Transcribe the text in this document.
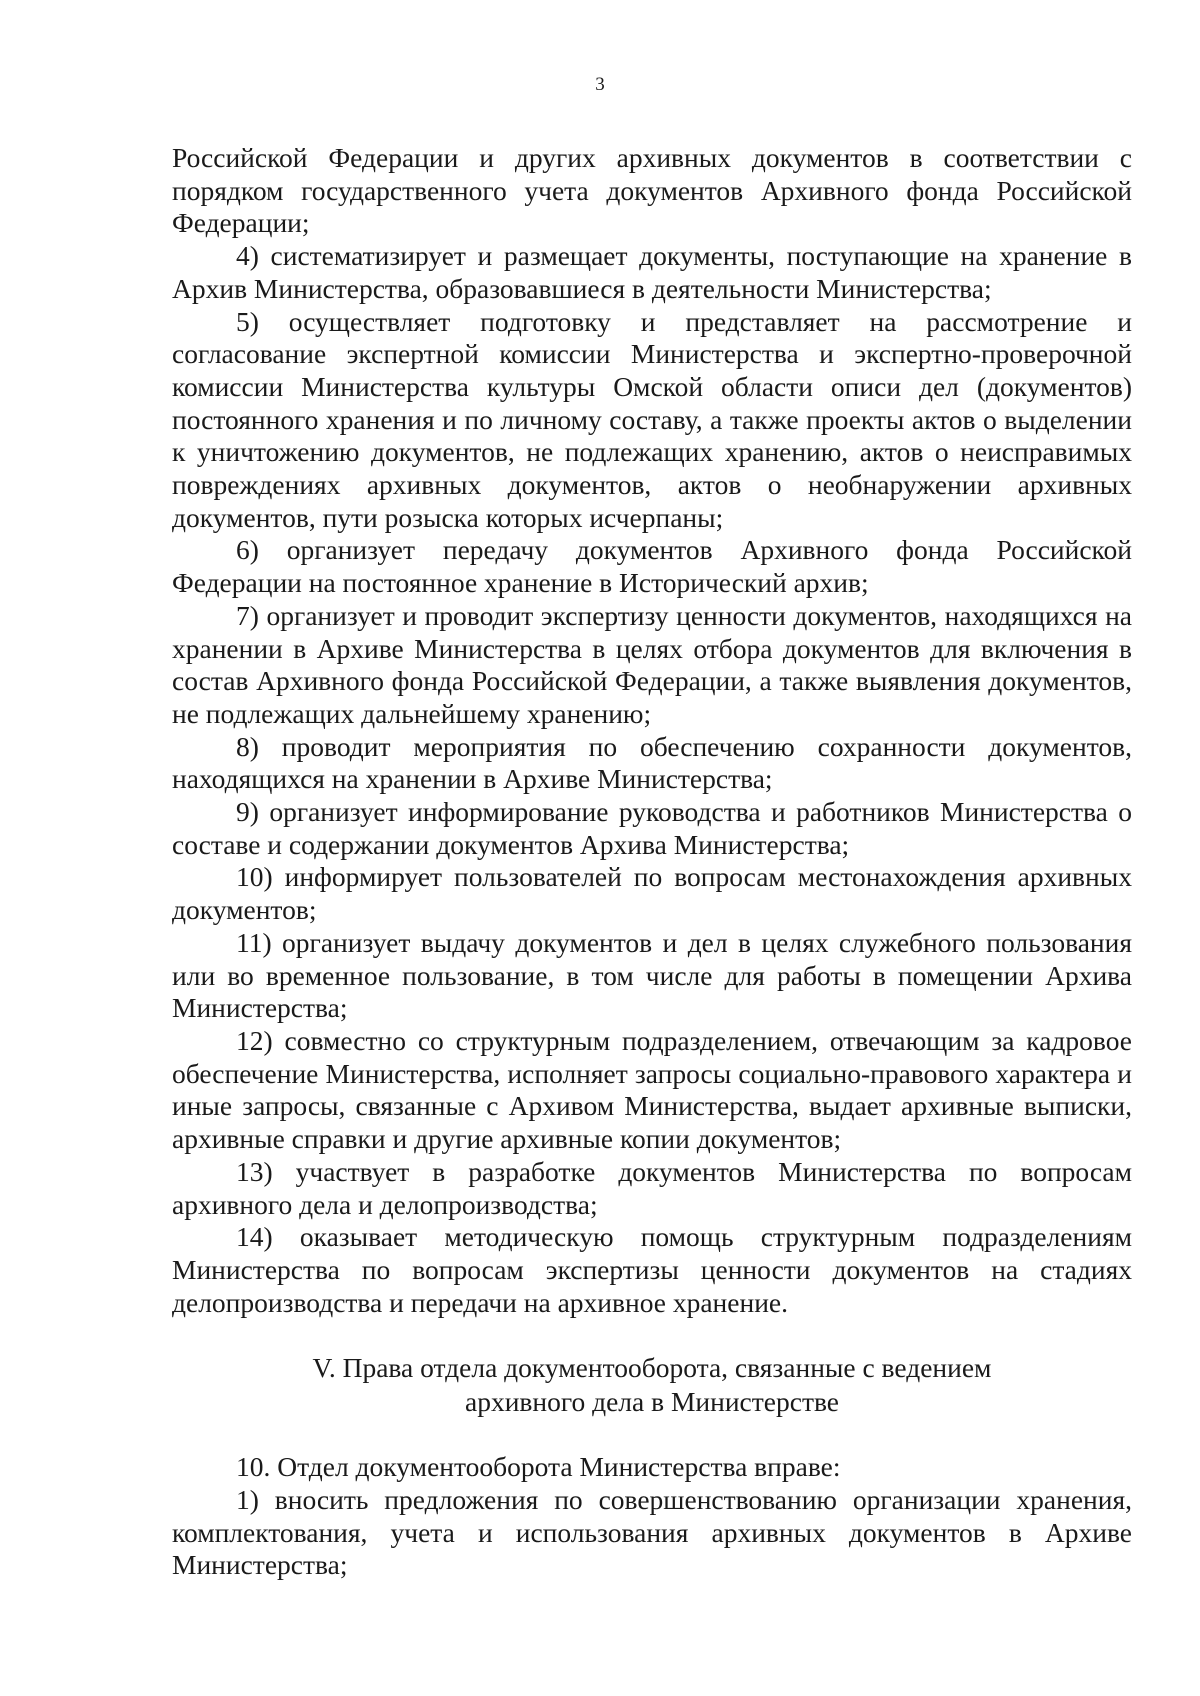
3

Российской Федерации и других архивных документов в соответствии с порядком государственного учета документов Архивного фонда Российской Федерации;

4) систематизирует и размещает документы, поступающие на хранение в Архив Министерства, образовавшиеся в деятельности Министерства;

5) осуществляет подготовку и представляет на рассмотрение и согласование экспертной комиссии Министерства и экспертно-проверочной комиссии Министерства культуры Омской области описи дел (документов) постоянного хранения и по личному составу, а также проекты актов о выделении к уничтожению документов, не подлежащих хранению, актов о неисправимых повреждениях архивных документов, актов о необнаружении архивных документов, пути розыска которых исчерпаны;

6) организует передачу документов Архивного фонда Российской Федерации на постоянное хранение в Исторический архив;

7) организует и проводит экспертизу ценности документов, находящихся на хранении в Архиве Министерства в целях отбора документов для включения в состав Архивного фонда Российской Федерации, а также выявления документов, не подлежащих дальнейшему хранению;

8) проводит мероприятия по обеспечению сохранности документов, находящихся на хранении в Архиве Министерства;

9) организует информирование руководства и работников Министерства о составе и содержании документов Архива Министерства;

10) информирует пользователей по вопросам местонахождения архивных документов;

11) организует выдачу документов и дел в целях служебного пользования или во временное пользование, в том числе для работы в помещении Архива Министерства;

12) совместно со структурным подразделением, отвечающим за кадровое обеспечение Министерства, исполняет запросы социально-правового характера и иные запросы, связанные с Архивом Министерства, выдает архивные выписки, архивные справки и другие архивные копии документов;

13) участвует в разработке документов Министерства по вопросам архивного дела и делопроизводства;

14) оказывает методическую помощь структурным подразделениям Министерства по вопросам экспертизы ценности документов на стадиях делопроизводства и передачи на архивное хранение.

V. Права отдела документооборота, связанные с ведением
архивного дела в Министерстве

10. Отдел документооборота Министерства вправе:

1) вносить предложения по совершенствованию организации хранения, комплектования, учета и использования архивных документов в Архиве Министерства;
